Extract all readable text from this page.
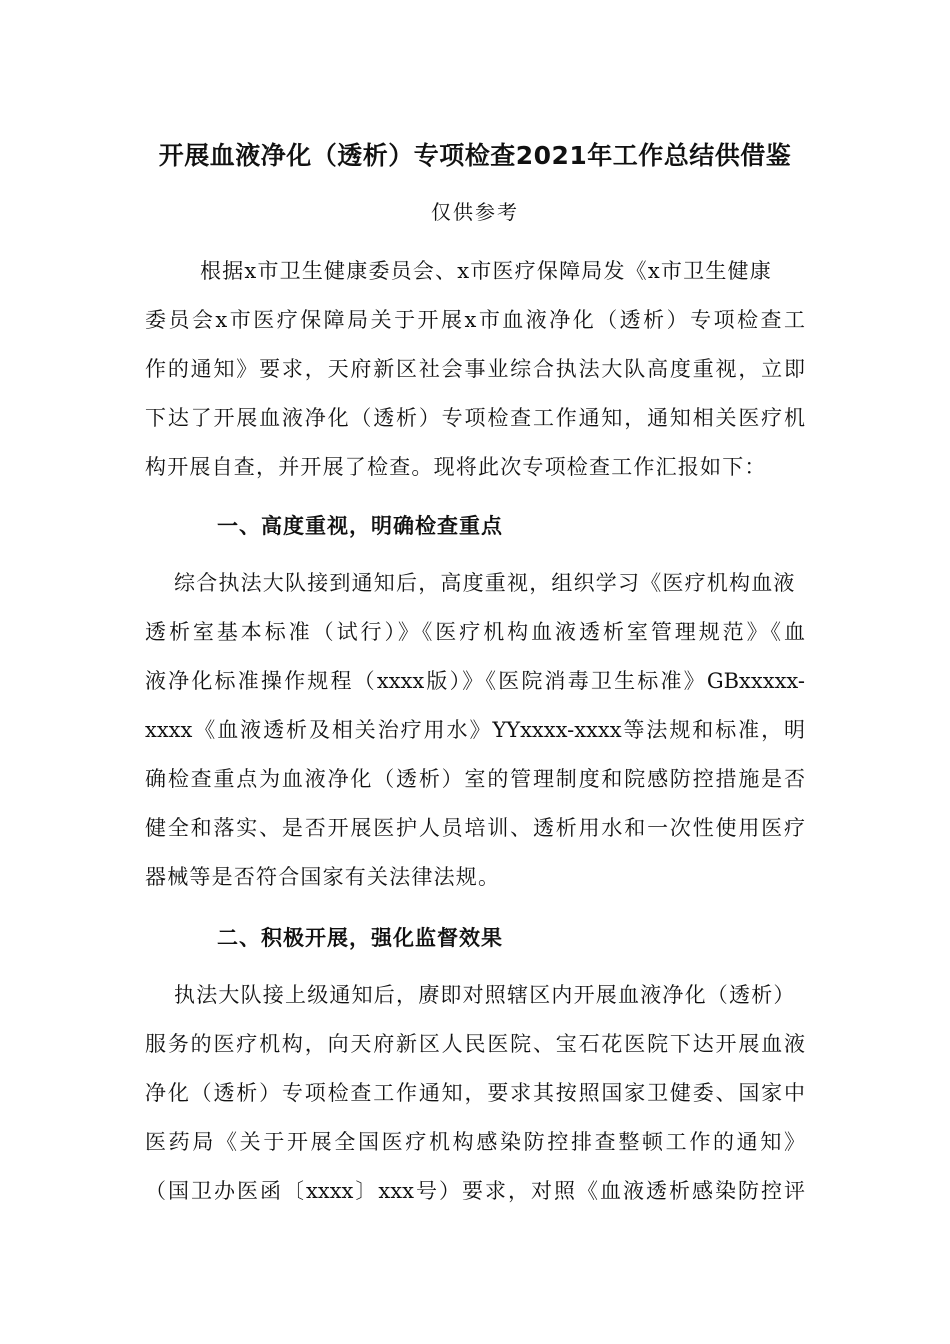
开展血液净化（透析）专项检查2021年工作总结供借鉴
仅供参考
根据x市卫生健康委员会、x市医疗保障局发《x市卫生健康
委员会x市医疗保障局关于开展x市血液净化（透析）专项检查工
作的通知》要求，天府新区社会事业综合执法大队高度重视，立即
下达了开展血液净化（透析）专项检查工作通知，通知相关医疗机
构开展自查，并开展了检查。现将此次专项检查工作汇报如下：
一、高度重视，明确检查重点
综合执法大队接到通知后，高度重视，组织学习《医疗机构血液
透析室基本标准（试行）》《医疗机构血液透析室管理规范》《血
液净化标准操作规程（xxxx版）》《医院消毒卫生标准》GBxxxxx-
xxxx《血液透析及相关治疗用水》YYxxxx-xxxx等法规和标准，明
确检查重点为血液净化（透析）室的管理制度和院感防控措施是否
健全和落实、是否开展医护人员培训、透析用水和一次性使用医疗
器械等是否符合国家有关法律法规。
二、积极开展，强化监督效果
执法大队接上级通知后，赓即对照辖区内开展血液净化（透析）
服务的医疗机构，向天府新区人民医院、宝石花医院下达开展血液
净化（透析）专项检查工作通知，要求其按照国家卫健委、国家中
医药局《关于开展全国医疗机构感染防控排查整顿工作的通知》
（国卫办医函〔xxxx〕xxx号）要求，对照《血液透析感染防控评
